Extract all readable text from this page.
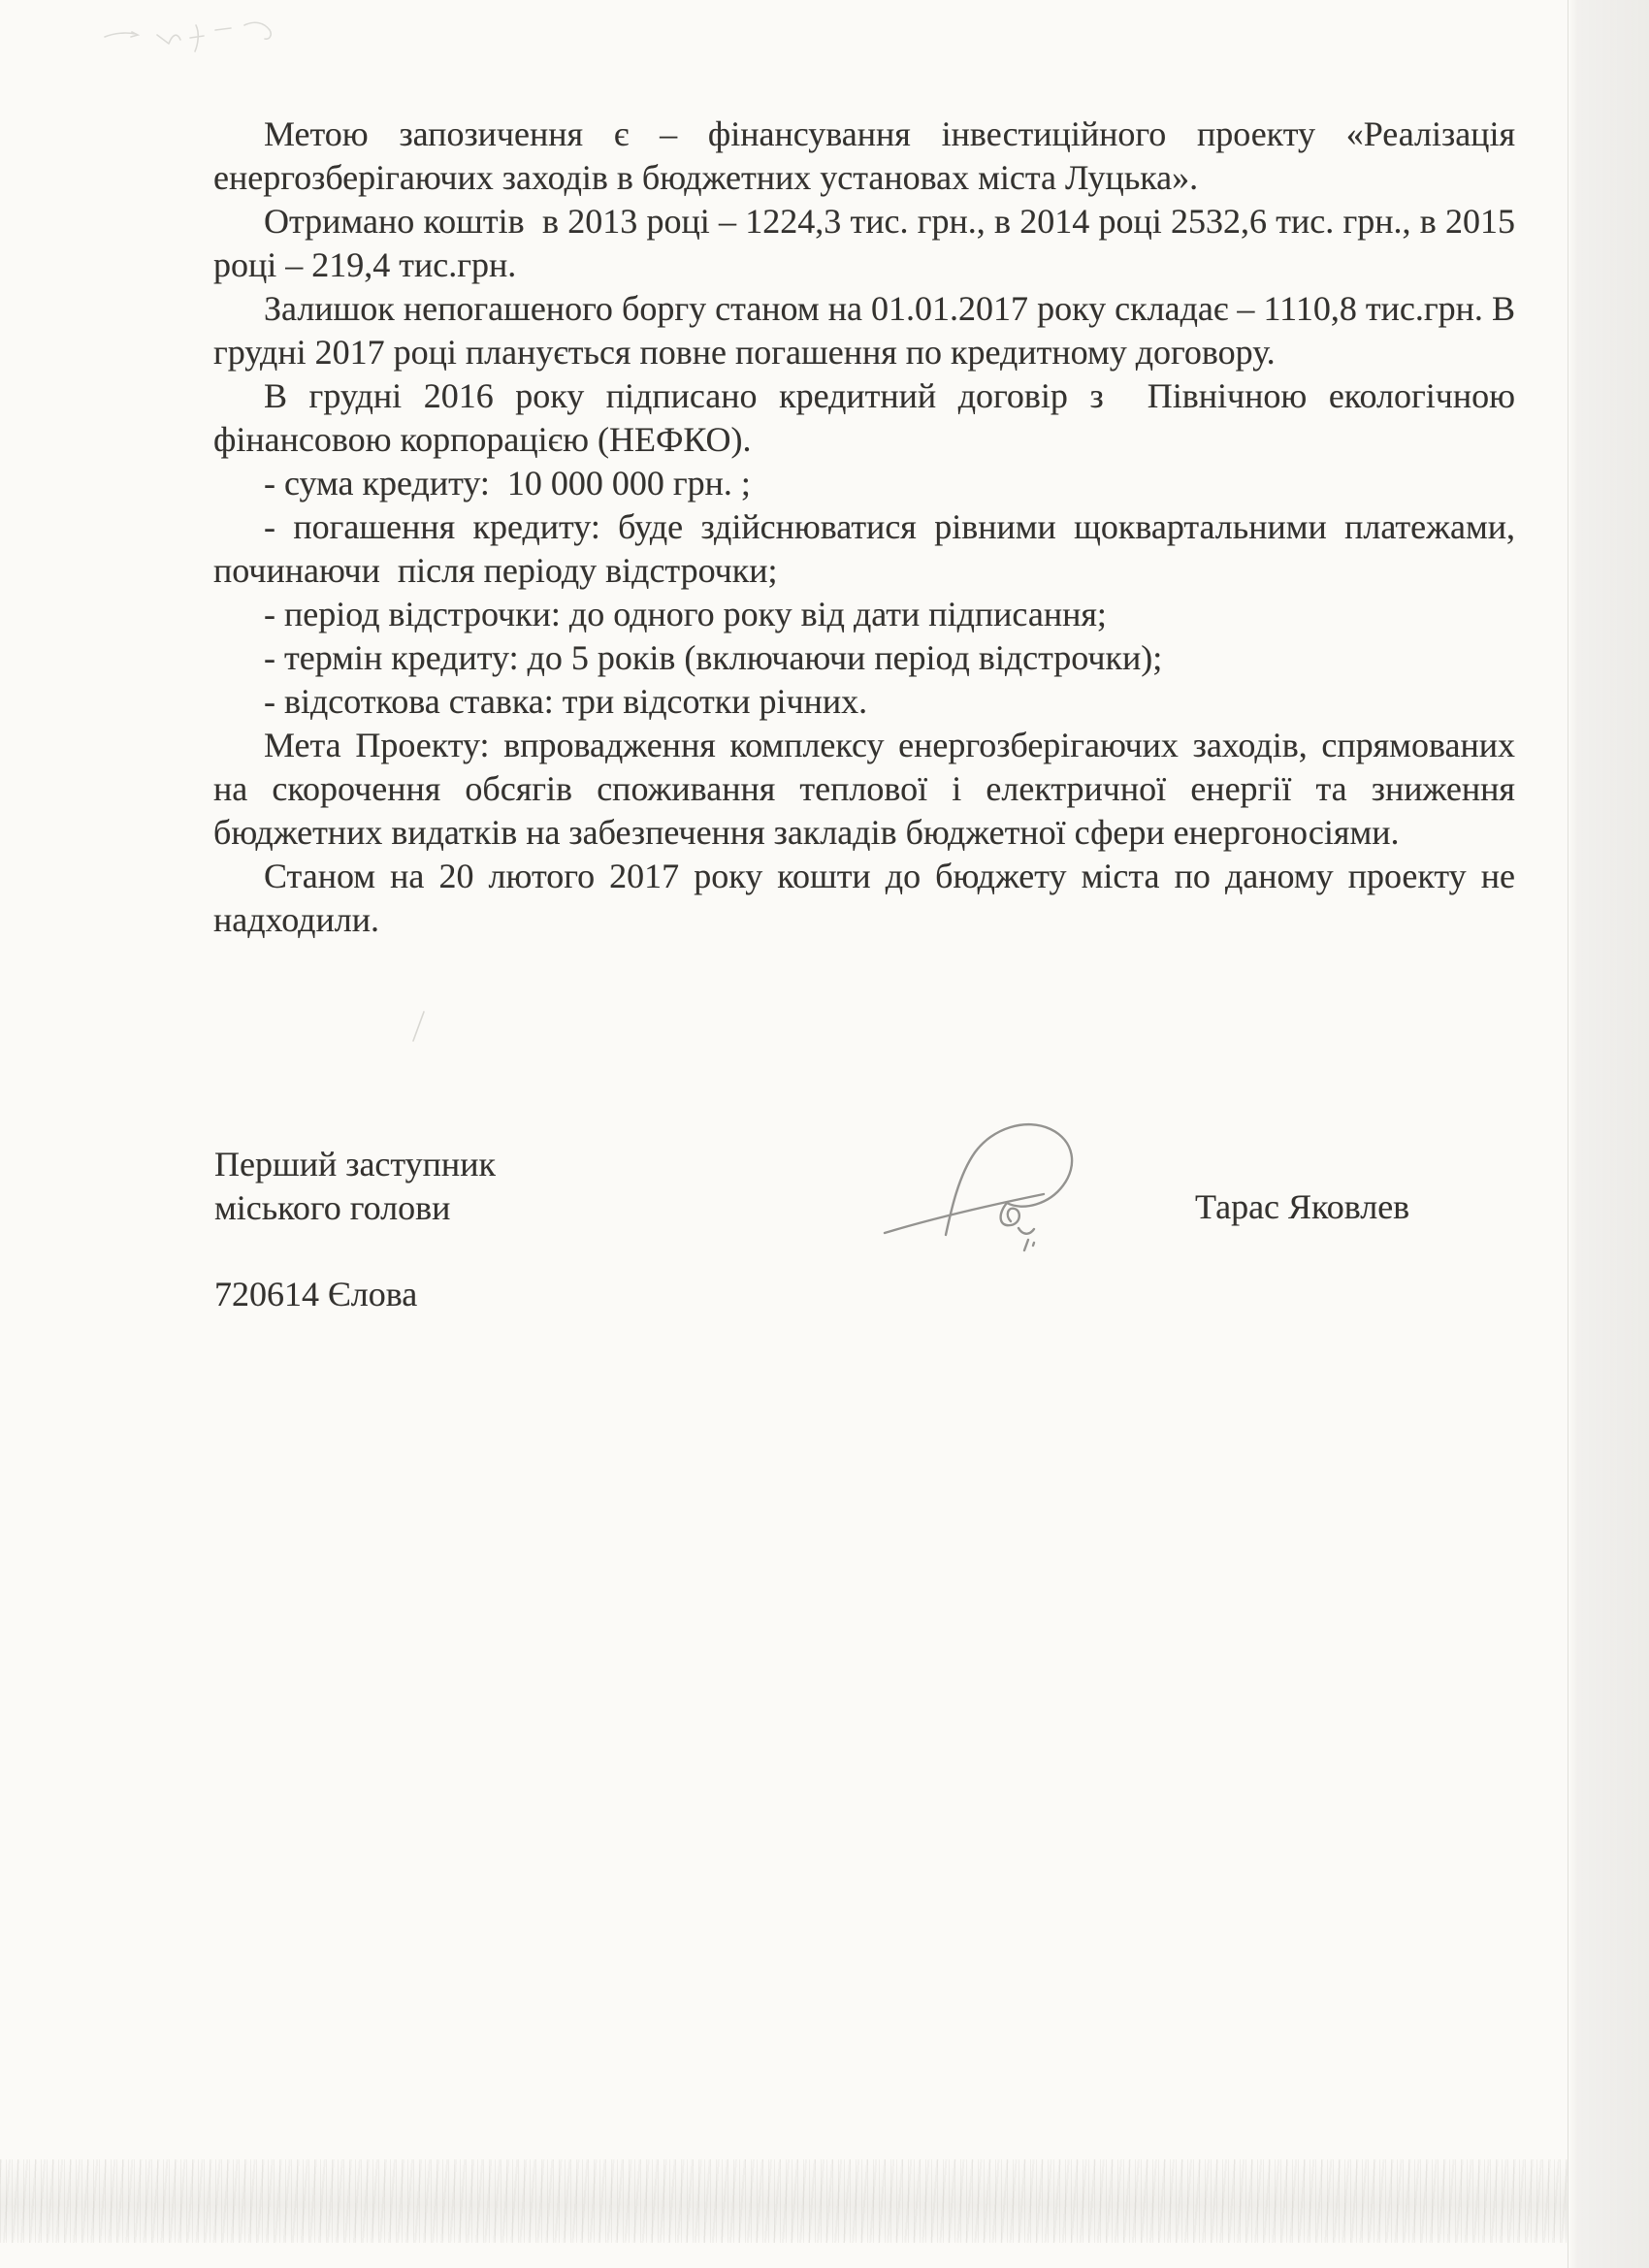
Метою запозичення є – фінансування інвестиційного проекту «Реалізація енергозберігаючих заходів в бюджетних установах міста Луцька».

Отримано коштів  в 2013 році – 1224,3 тис. грн., в 2014 році 2532,6 тис. грн., в 2015 році – 219,4 тис.грн.

Залишок непогашеного боргу станом на 01.01.2017 року складає – 1110,8 тис.грн. В грудні 2017 році планується повне погашення по кредитному договору.

В грудні 2016 року підписано кредитний договір з  Північною екологічною фінансовою корпорацією (НЕФКО).

- сума кредиту:  10 000 000 грн. ;

- погашення кредиту: буде здійснюватися рівними щоквартальними платежами, починаючи  після періоду відстрочки;

- період відстрочки: до одного року від дати підписання;

- термін кредиту: до 5 років (включаючи період відстрочки);

- відсоткова ставка: три відсотки річних.

Мета Проекту: впровадження комплексу енергозберігаючих заходів, спрямованих на скорочення обсягів споживання теплової і електричної енергії та зниження бюджетних видатків на забезпечення закладів бюджетної сфери енергоносіями.

Станом на 20 лютого 2017 року кошти до бюджету міста по даному проекту не надходили.

Перший заступник
міського голови	Тарас Яковлев
720614 Єлова
